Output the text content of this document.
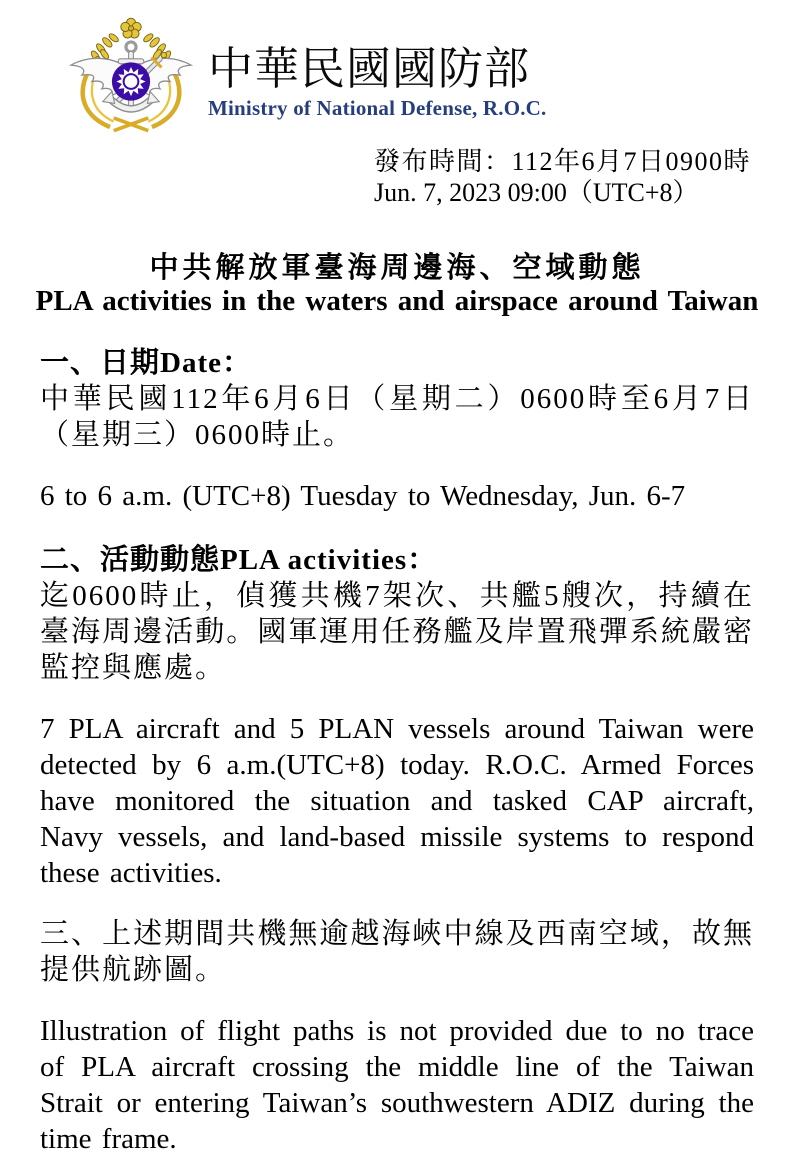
中華民國國防部
Ministry of National Defense, R.O.C.
發布時間：112年6月7日0900時
Jun. 7, 2023 09:00（UTC+8）
中共解放軍臺海周邊海、空域動態
PLA activities in the waters and airspace around Taiwan
一、日期Date：

中華民國112年6月6日（星期二）0600時至6月7日（星期三）0600時止。

6 to 6 a.m. (UTC+8) Tuesday to Wednesday, Jun. 6-7

二、活動動態PLA activities：

迄0600時止，偵獲共機7架次、共艦5艘次，持續在臺海周邊活動。國軍運用任務艦及岸置飛彈系統嚴密監控與應處。

7 PLA aircraft and 5 PLAN vessels around Taiwan were detected by 6 a.m.(UTC+8) today. R.O.C. Armed Forces have monitored the situation and tasked CAP aircraft, Navy vessels, and land-based missile systems to respond these activities.

三、上述期間共機無逾越海峽中線及西南空域，故無提供航跡圖。

Illustration of flight paths is not provided due to no trace of PLA aircraft crossing the middle line of the Taiwan Strait or entering Taiwan’s southwestern ADIZ during the time frame.
